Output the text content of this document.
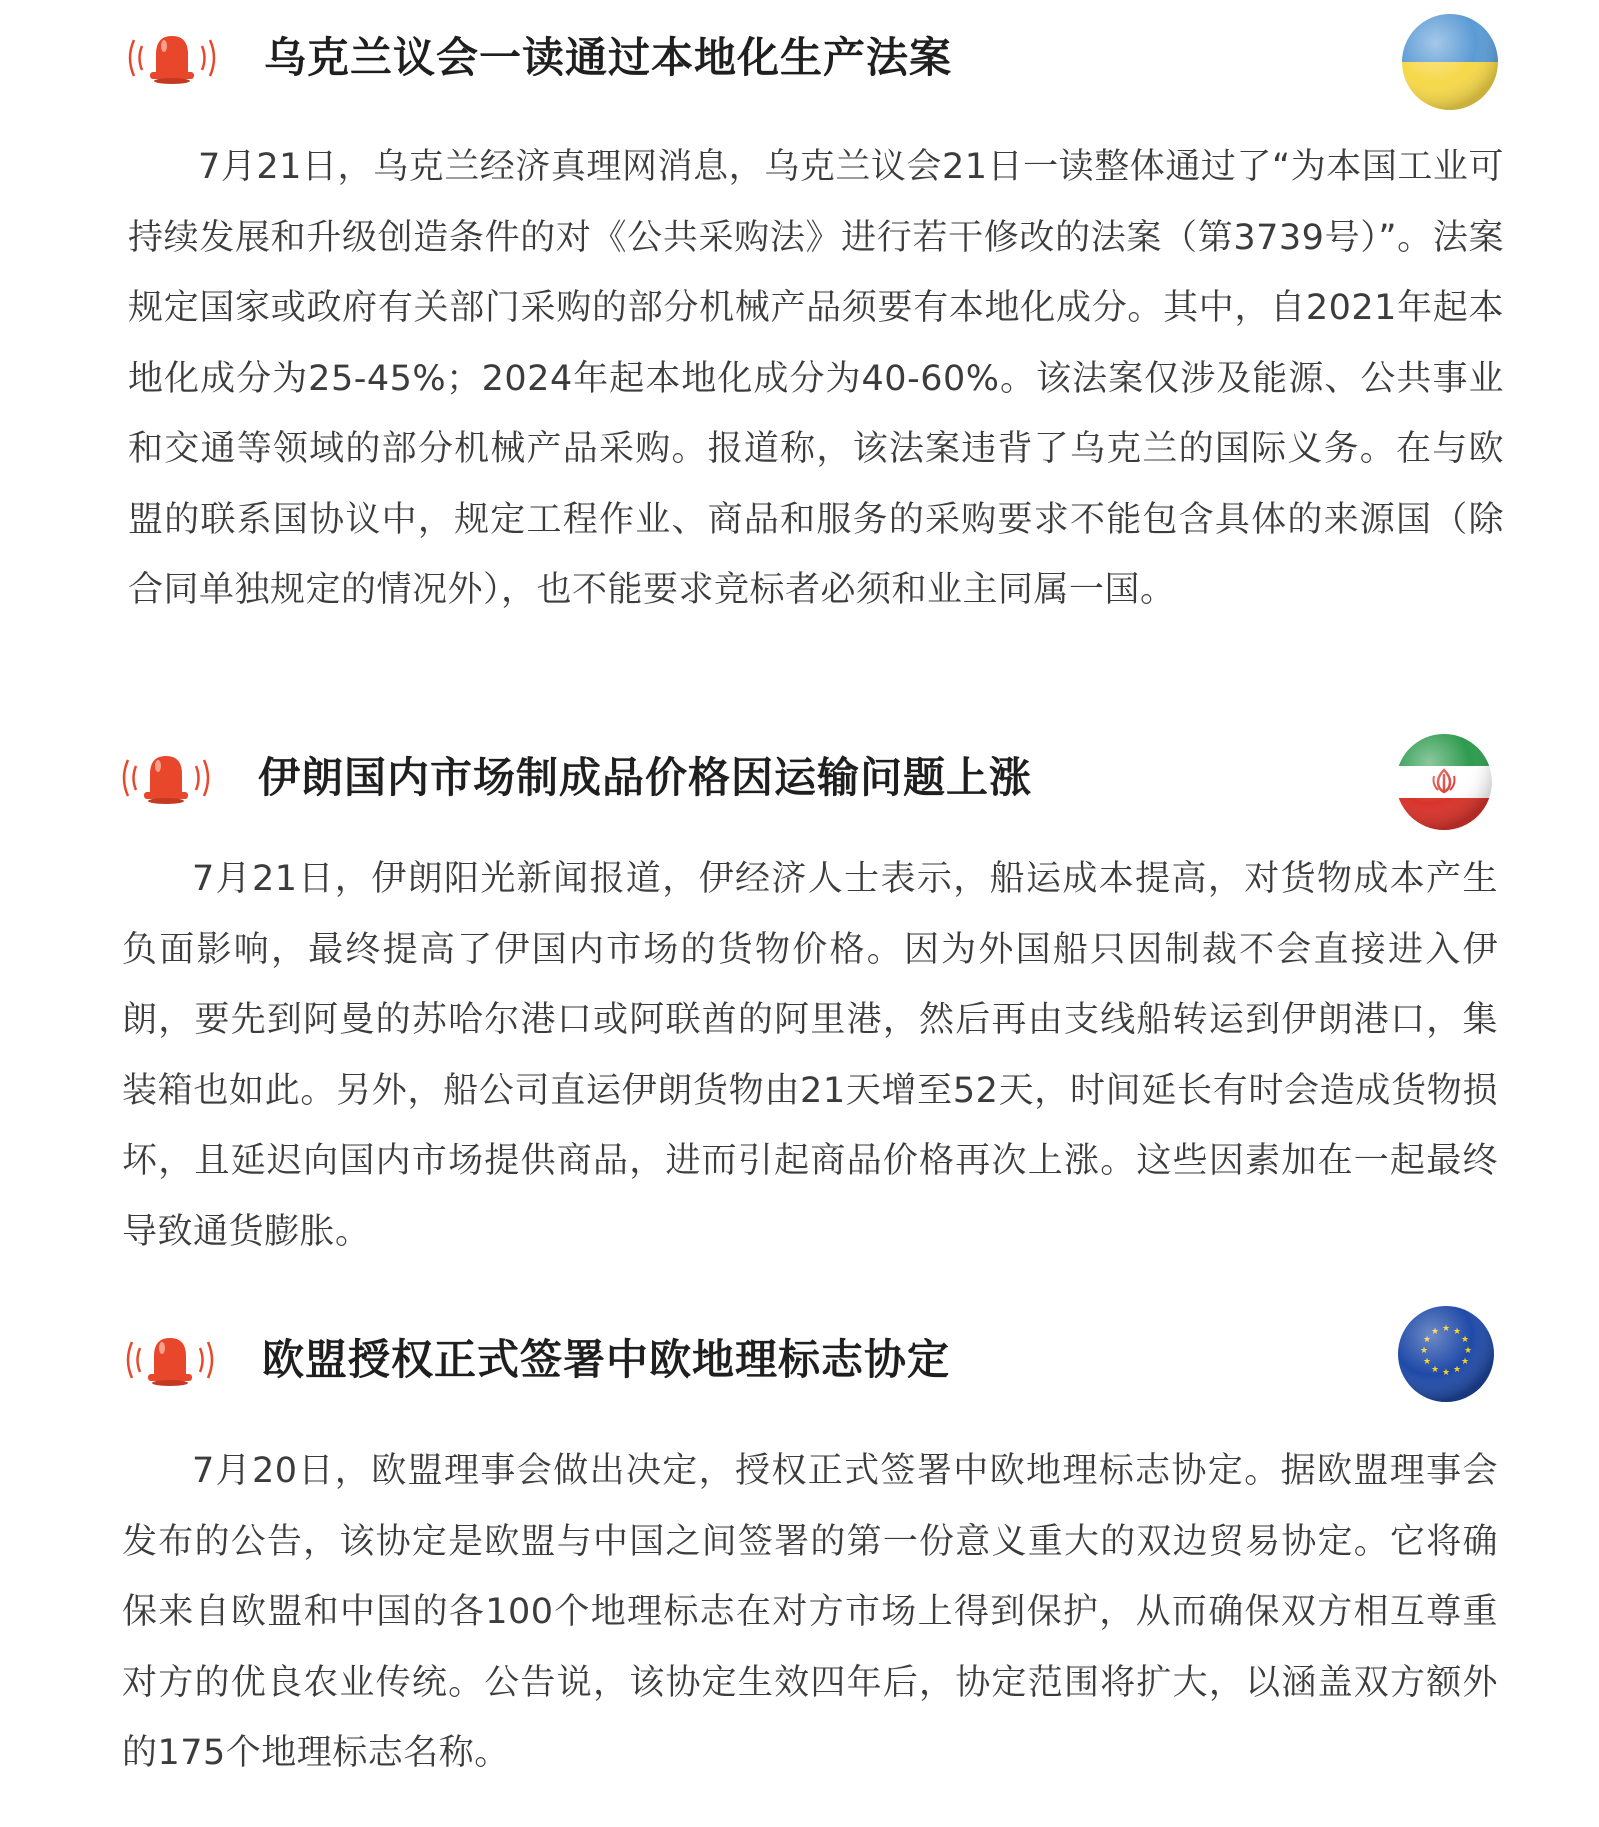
乌克兰议会一读通过本地化生产法案

7月21日，乌克兰经济真理网消息，乌克兰议会21日一读整体通过了“为本国工业可持续发展和升级创造条件的对《公共采购法》进行若干修改的法案（第3739号）”。法案规定国家或政府有关部门采购的部分机械产品须要有本地化成分。其中，自2021年起本地化成分为25-45%；2024年起本地化成分为40-60%。该法案仅涉及能源、公共事业和交通等领域的部分机械产品采购。报道称，该法案违背了乌克兰的国际义务。在与欧盟的联系国协议中，规定工程作业、商品和服务的采购要求不能包含具体的来源国（除合同单独规定的情况外），也不能要求竞标者必须和业主同属一国。

伊朗国内市场制成品价格因运输问题上涨

7月21日，伊朗阳光新闻报道，伊经济人士表示，船运成本提高，对货物成本产生负面影响，最终提高了伊国内市场的货物价格。因为外国船只因制裁不会直接进入伊朗，要先到阿曼的苏哈尔港口或阿联酋的阿里港，然后再由支线船转运到伊朗港口，集装箱也如此。另外，船公司直运伊朗货物由21天增至52天，时间延长有时会造成货物损坏，且延迟向国内市场提供商品，进而引起商品价格再次上涨。这些因素加在一起最终导致通货膨胀。

欧盟授权正式签署中欧地理标志协定

7月20日，欧盟理事会做出决定，授权正式签署中欧地理标志协定。据欧盟理事会发布的公告，该协定是欧盟与中国之间签署的第一份意义重大的双边贸易协定。它将确保来自欧盟和中国的各100个地理标志在对方市场上得到保护，从而确保双方相互尊重对方的优良农业传统。公告说，该协定生效四年后，协定范围将扩大，以涵盖双方额外的175个地理标志名称。
